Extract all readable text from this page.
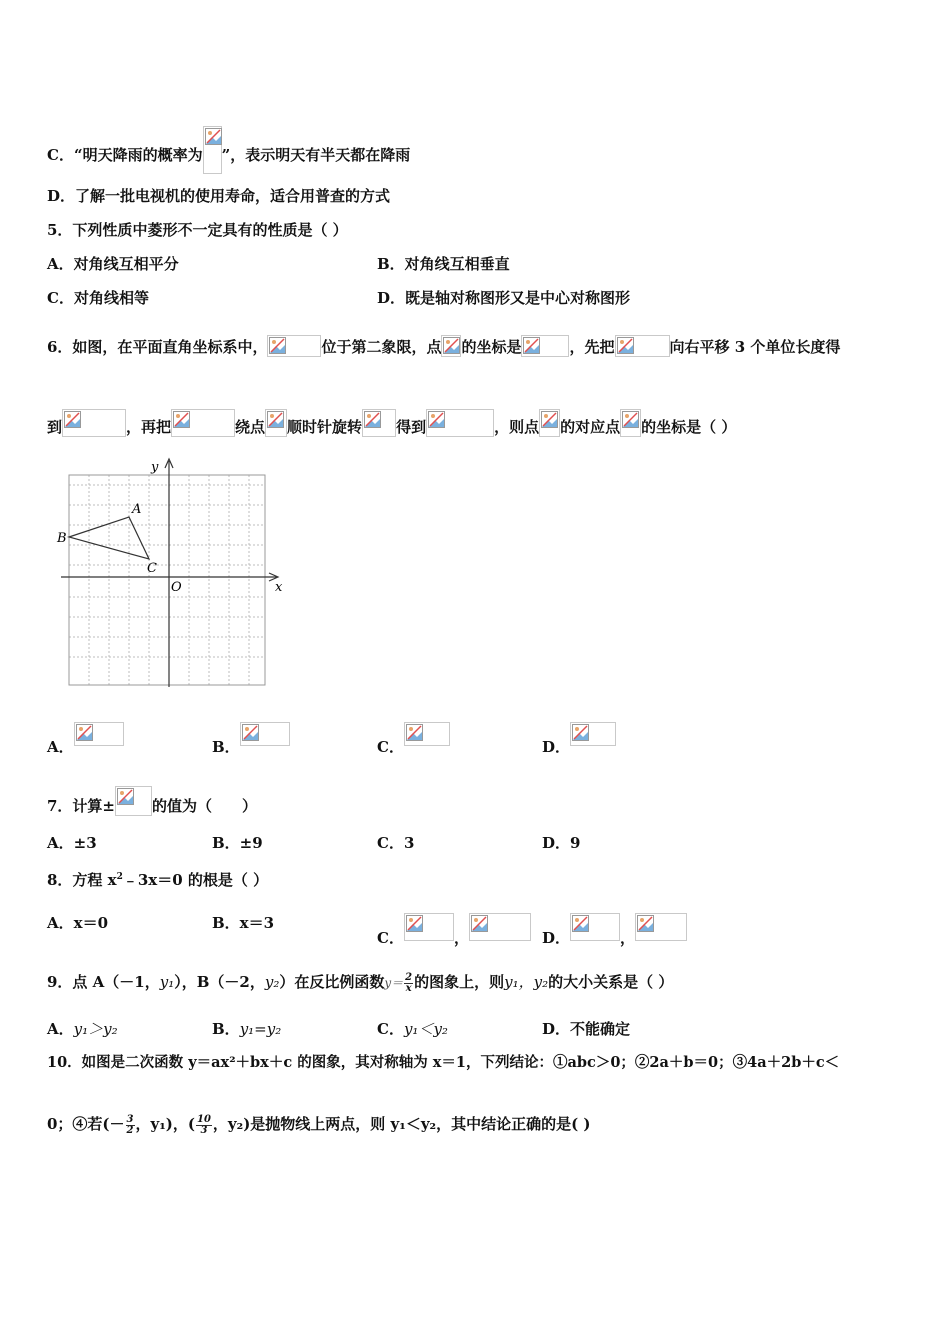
C．“明天降雨的概率为 ”，表示明天有半天都在降雨
D．了解一批电视机的使用寿命，适合用普查的方式
5．下列性质中菱形不一定具有的性质是（ ）
A．对角线互相平分	B．对角线互相垂直
C．对角线相等	D．既是轴对称图形又是中心对称图形
6．如图，在平面直角坐标系中，	位于第二象限，点 的坐标是	，先把	向右平移 3 个单位长度得
到	，再把	绕点 顺时针旋转 得到	，则点 的对应点 的坐标是（ ）
y
x
O
A
B
C
A．	B．	C．	D．
7．计算± 的值为（　　）
A．±3	B．±9	C．3	D．9
8．方程 $x^2﹣3x=0$ 的根是（ ）
A．x＝0	B．x＝3
C．	，	D．	，
9．点 A（－1，y₁），B（－2，y₂）在反比例函数$y= \frac{2}{x}$ 的图象上，则y₁，y₂的大小关系是（ ）
A．y₁＞y₂	B．y₁=y₂	C．y₁＜y₂	D．不能确定
10．如图是二次函数 y＝ax²＋bx＋c 的图象，其对称轴为 x＝1，下列结论：①abc＞0；②2a＋b＝0；③4a＋2b＋c＜
0；④若(－ $\frac{3}{2}$ ，y₁)，( $\frac{10}{3}$ ，y₂)是抛物线上两点，则 y₁＜y₂，其中结论正确的是( )
